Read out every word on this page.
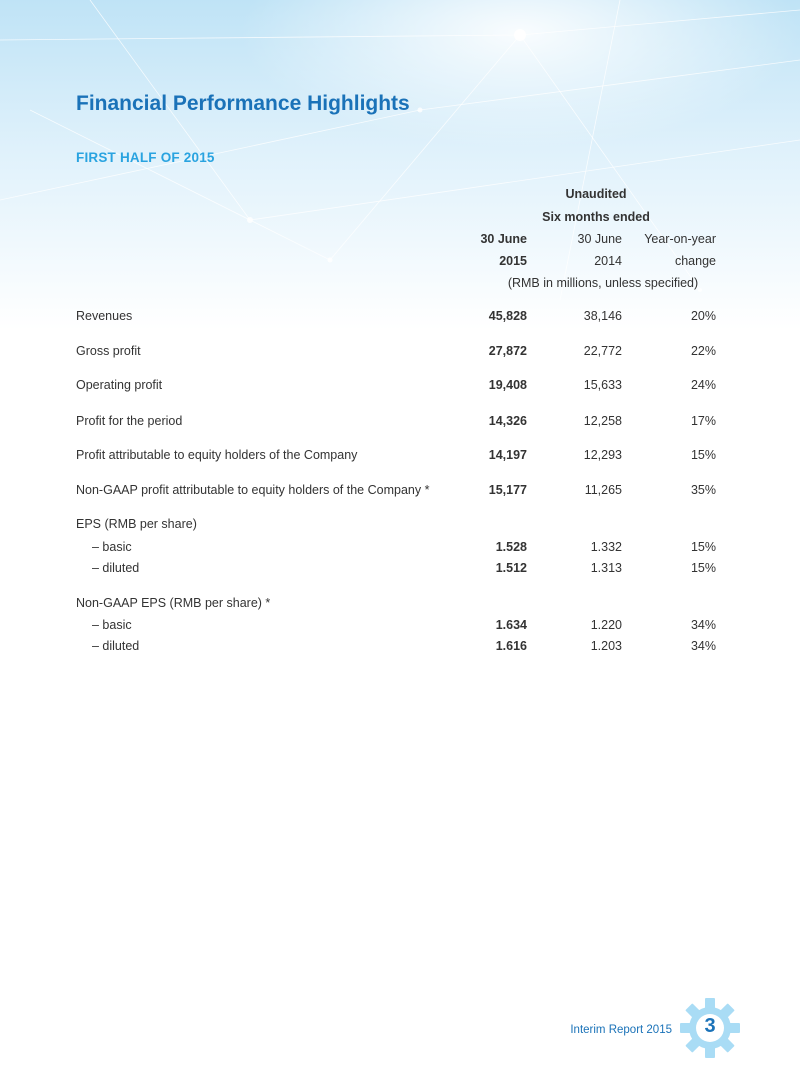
Financial Performance Highlights
FIRST HALF OF 2015
Unaudited
Six months ended
30 June	30 June	Year-on-year
2015	2014	change
(RMB in millions, unless specified)
Revenues	45,828	38,146	20%
Gross profit	27,872	22,772	22%
Operating profit	19,408	15,633	24%
Profit for the period	14,326	12,258	17%
Profit attributable to equity holders of the Company	14,197	12,293	15%
Non-GAAP profit attributable to equity holders of the Company *	15,177	11,265	35%
EPS (RMB per share)
– basic	1.528	1.332	15%
– diluted	1.512	1.313	15%
Non-GAAP EPS (RMB per share) *
– basic	1.634	1.220	34%
– diluted	1.616	1.203	34%
Interim Report 2015	3
